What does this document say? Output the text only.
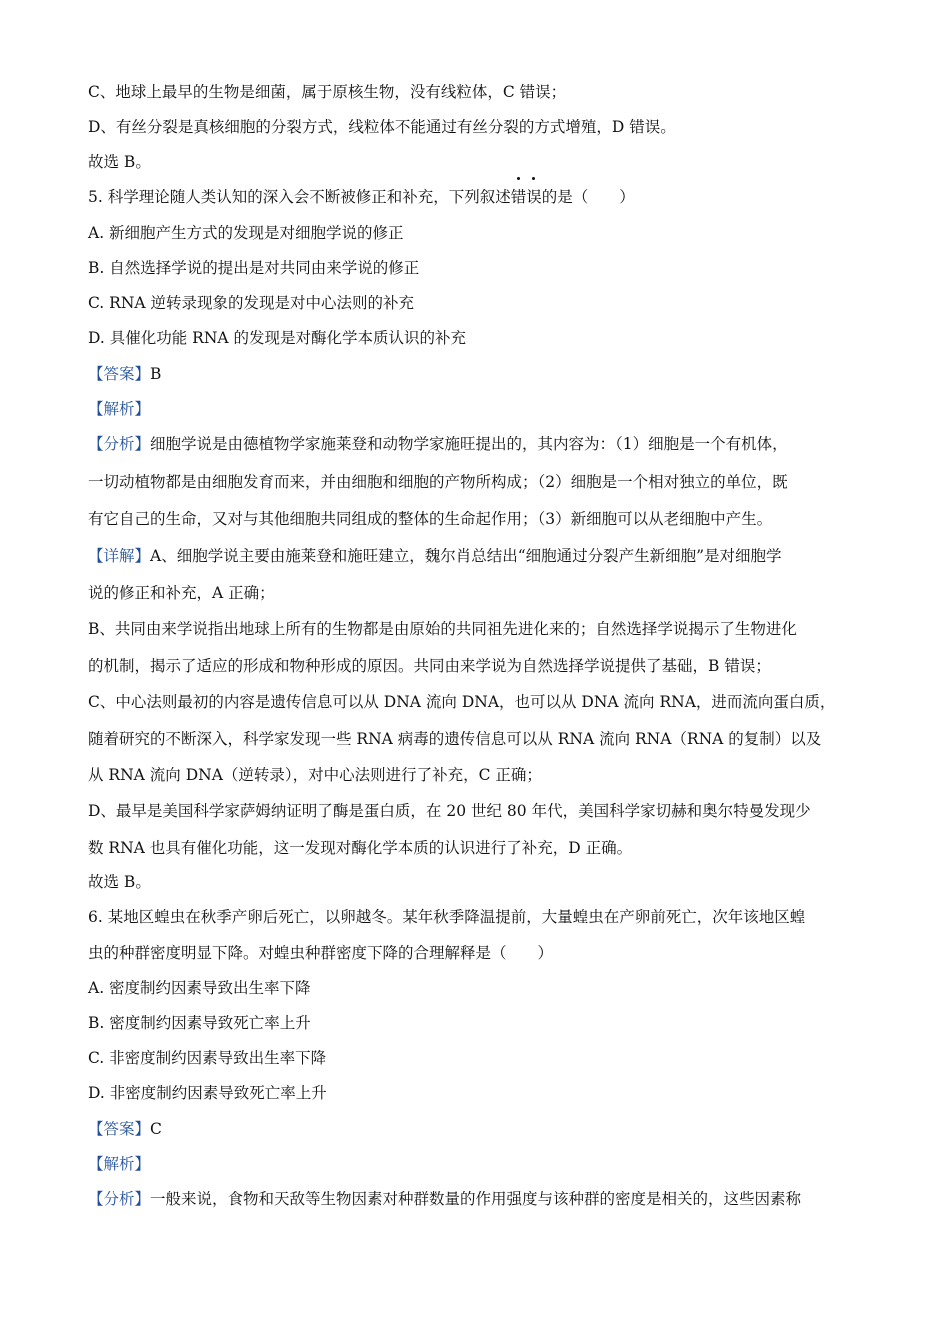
C、地球上最早的生物是细菌，属于原核生物，没有线粒体，C 错误；
D、有丝分裂是真核细胞的分裂方式，线粒体不能通过有丝分裂的方式增殖，D 错误。
故选 B。
5. 科学理论随人类认知的深入会不断被修正和补充，下列叙述
错
误的是（　　）
A. 新细胞产生方式的发现是对细胞学说的修正
B. 自然选择学说的提出是对共同由来学说的修正
C. RNA 逆转录现象的发现是对中心法则的补充
D. 具催化功能 RNA 的发现是对酶化学本质认识的补充
【答案】B
【解析】
【分析】细胞学说是由德植物学家施莱登和动物学家施旺提出的，其内容为：（1）细胞是一个有机体，
一切动植物都是由细胞发育而来，并由细胞和细胞的产物所构成；（2）细胞是一个相对独立的单位，既
有它自己的生命，又对与其他细胞共同组成的整体的生命起作用；（3）新细胞可以从老细胞中产生。
【详解】A、细胞学说主要由施莱登和施旺建立，魏尔肖总结出“细胞通过分裂产生新细胞”是对细胞学
说的修正和补充，A 正确；
B、共同由来学说指出地球上所有的生物都是由原始的共同祖先进化来的；自然选择学说揭示了生物进化
的机制，揭示了适应的形成和物种形成的原因。共同由来学说为自然选择学说提供了基础，B 错误；
C、中心法则最初的内容是遗传信息可以从 DNA 流向 DNA，也可以从 DNA 流向 RNA，进而流向蛋白质，
随着研究的不断深入，科学家发现一些 RNA 病毒的遗传信息可以从 RNA 流向 RNA（RNA 的复制）以及
从 RNA 流向 DNA（逆转录），对中心法则进行了补充，C 正确；
D、最早是美国科学家萨姆纳证明了酶是蛋白质，在 20 世纪 80 年代，美国科学家切赫和奥尔特曼发现少
数 RNA 也具有催化功能，这一发现对酶化学本质的认识进行了补充，D 正确。
故选 B。
6. 某地区蝗虫在秋季产卵后死亡，以卵越冬。某年秋季降温提前，大量蝗虫在产卵前死亡，次年该地区蝗
虫的种群密度明显下降。对蝗虫种群密度下降的合理解释是（　　）
A. 密度制约因素导致出生率下降
B. 密度制约因素导致死亡率上升
C. 非密度制约因素导致出生率下降
D. 非密度制约因素导致死亡率上升
【答案】C
【解析】
【分析】一般来说，食物和天敌等生物因素对种群数量的作用强度与该种群的密度是相关的，这些因素称
